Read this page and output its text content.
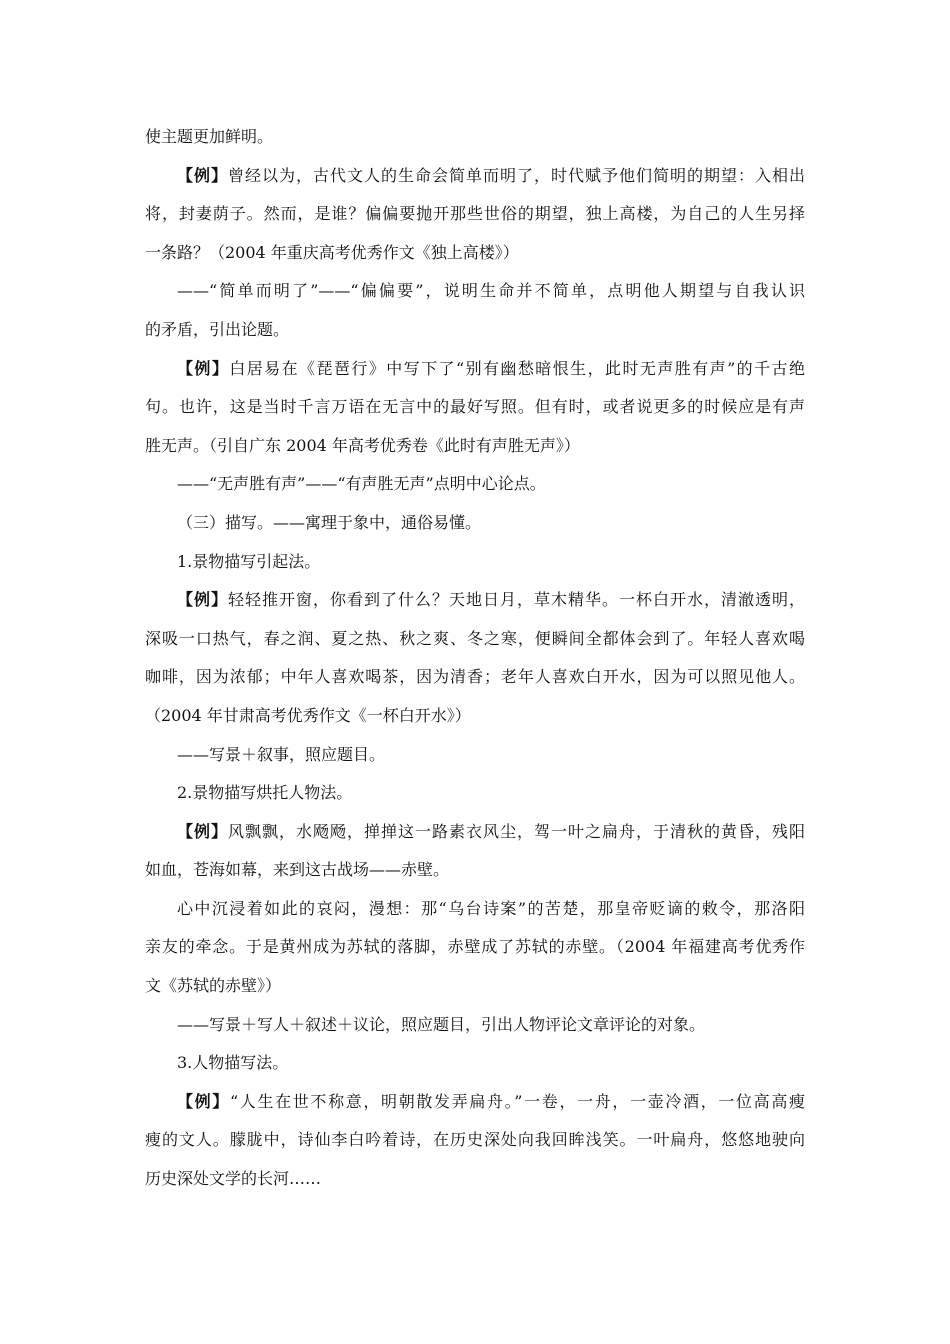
使主题更加鲜明。
【例】曾经以为，古代文人的生命会简单而明了，时代赋予他们简明的期望：入相出
将，封妻荫子。然而，是谁？偏偏要抛开那些世俗的期望，独上高楼，为自己的人生另择
一条路？（2004 年重庆高考优秀作文《独上高楼》）
——“简单而明了”——“偏偏要”，说明生命并不简单，点明他人期望与自我认识
的矛盾，引出论题。
【例】白居易在《琵琶行》中写下了“别有幽愁暗恨生，此时无声胜有声”的千古绝
句。也许，这是当时千言万语在无言中的最好写照。但有时，或者说更多的时候应是有声
胜无声。（引自广东 2004 年高考优秀卷《此时有声胜无声》）
——“无声胜有声”——“有声胜无声”点明中心论点。
（三）描写。——寓理于象中，通俗易懂。
1.景物描写引起法。
【例】轻轻推开窗，你看到了什么？天地日月，草木精华。一杯白开水，清澈透明，
深吸一口热气，春之润、夏之热、秋之爽、冬之寒，便瞬间全都体会到了。年轻人喜欢喝
咖啡，因为浓郁；中年人喜欢喝茶，因为清香；老年人喜欢白开水，因为可以照见他人。
（2004 年甘肃高考优秀作文《一杯白开水》）
——写景＋叙事，照应题目。
2.景物描写烘托人物法。
【例】风飘飘，水飏飏，掸掸这一路素衣风尘，驾一叶之扁舟，于清秋的黄昏，残阳
如血，苍海如幕，来到这古战场——赤壁。
心中沉浸着如此的哀闷，漫想：那“乌台诗案”的苦楚，那皇帝贬谪的敕令，那洛阳
亲友的牵念。于是黄州成为苏轼的落脚，赤壁成了苏轼的赤壁。（2004 年福建高考优秀作
文《苏轼的赤壁》）
——写景＋写人＋叙述＋议论，照应题目，引出人物评论文章评论的对象。
3.人物描写法。
【例】“人生在世不称意，明朝散发弄扁舟。”一卷，一舟，一壶冷酒，一位高高瘦
瘦的文人。朦胧中，诗仙李白吟着诗，在历史深处向我回眸浅笑。一叶扁舟，悠悠地驶向
历史深处文学的长河……
